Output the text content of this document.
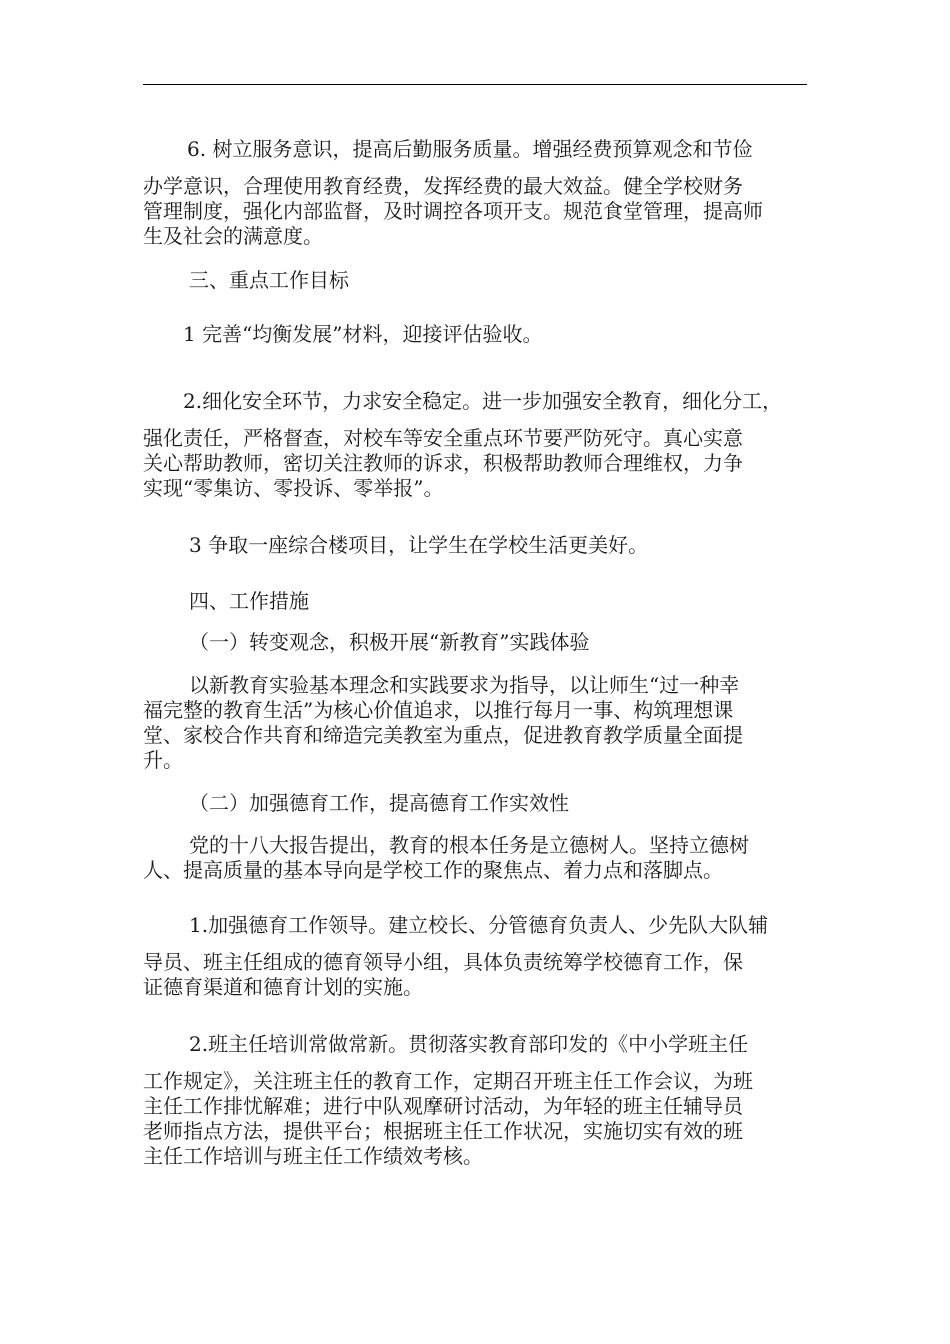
6. 树立服务意识，提高后勤服务质量。增强经费预算观念和节俭
办学意识，合理使用教育经费，发挥经费的最大效益。健全学校财务
管理制度，强化内部监督，及时调控各项开支。规范食堂管理，提高师
生及社会的满意度。
三、重点工作目标
1 完善“均衡发展”材料，迎接评估验收。
2.细化安全环节，力求安全稳定。进一步加强安全教育，细化分工，
强化责任，严格督查，对校车等安全重点环节要严防死守。真心实意
关心帮助教师，密切关注教师的诉求，积极帮助教师合理维权，力争
实现“零集访、零投诉、零举报”。
3 争取一座综合楼项目，让学生在学校生活更美好。
四、工作措施
（一）转变观念，积极开展“新教育”实践体验
以新教育实验基本理念和实践要求为指导，以让师生“过一种幸
福完整的教育生活”为核心价值追求，以推行每月一事、构筑理想课
堂、家校合作共育和缔造完美教室为重点，促进教育教学质量全面提
升。
（二）加强德育工作，提高德育工作实效性
党的十八大报告提出，教育的根本任务是立德树人。坚持立德树
人、提高质量的基本导向是学校工作的聚焦点、着力点和落脚点。
1.加强德育工作领导。建立校长、分管德育负责人、少先队大队辅
导员、班主任组成的德育领导小组，具体负责统筹学校德育工作，保
证德育渠道和德育计划的实施。
2.班主任培训常做常新。贯彻落实教育部印发的《中小学班主任
工作规定》，关注班主任的教育工作，定期召开班主任工作会议，为班
主任工作排忧解难；进行中队观摩研讨活动，为年轻的班主任辅导员
老师指点方法，提供平台；根据班主任工作状况，实施切实有效的班
主任工作培训与班主任工作绩效考核。
